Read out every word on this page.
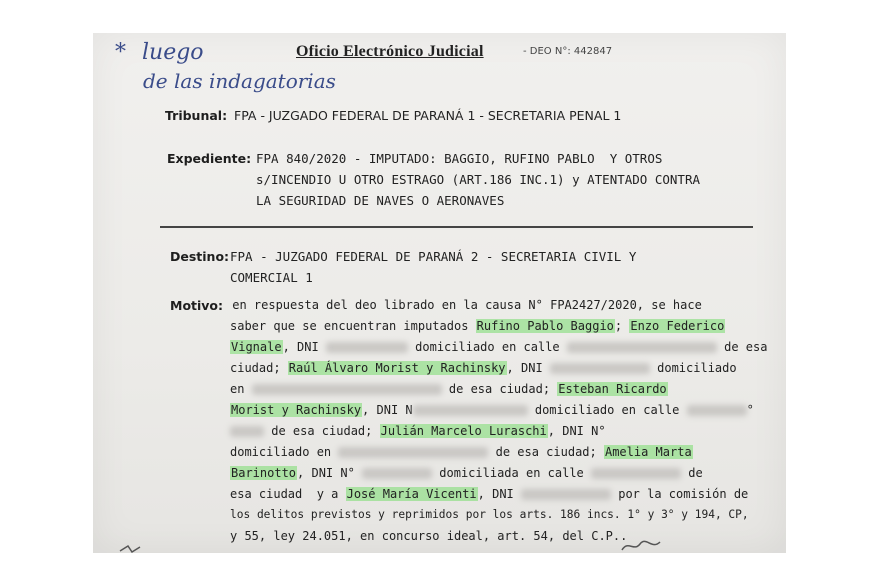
* luego
de las indagatorias
Oficio Electrónico Judicial	- DEO N°: 442847
Tribunal: FPA - JUZGADO FEDERAL DE PARANÁ 1 - SECRETARIA PENAL 1
Expediente: FPA 840/2020 - IMPUTADO: BAGGIO, RUFINO PABLO  Y OTROS
s/INCENDIO U OTRO ESTRAGO (ART.186 INC.1) y ATENTADO CONTRA
LA SEGURIDAD DE NAVES O AERONAVES
Destino: FPA - JUZGADO FEDERAL DE PARANÁ 2 - SECRETARIA CIVIL Y
COMERCIAL 1
Motivo: en respuesta del deo librado en la causa N° FPA2427/2020, se hace
saber que se encuentran imputados Rufino Pablo Baggio; Enzo Federico
Vignale, DNI	domiciliado en calle	de esa
ciudad; Raúl Álvaro Morist y Rachinsky, DNI	domiciliado
en	de esa ciudad; Esteban Ricardo
Morist y Rachinsky, DNI N	domiciliado en calle	°
de esa ciudad; Julián Marcelo Luraschi, DNI N°
domiciliado en	de esa ciudad; Amelia Marta
Barinotto, DNI N°	domiciliada en calle	de
esa ciudad  y a José María Vicenti, DNI	por la comisión de
los delitos previstos y reprimidos por los arts. 186 incs. 1° y 3° y 194, CP,
y 55, ley 24.051, en concurso ideal, art. 54, del C.P..
